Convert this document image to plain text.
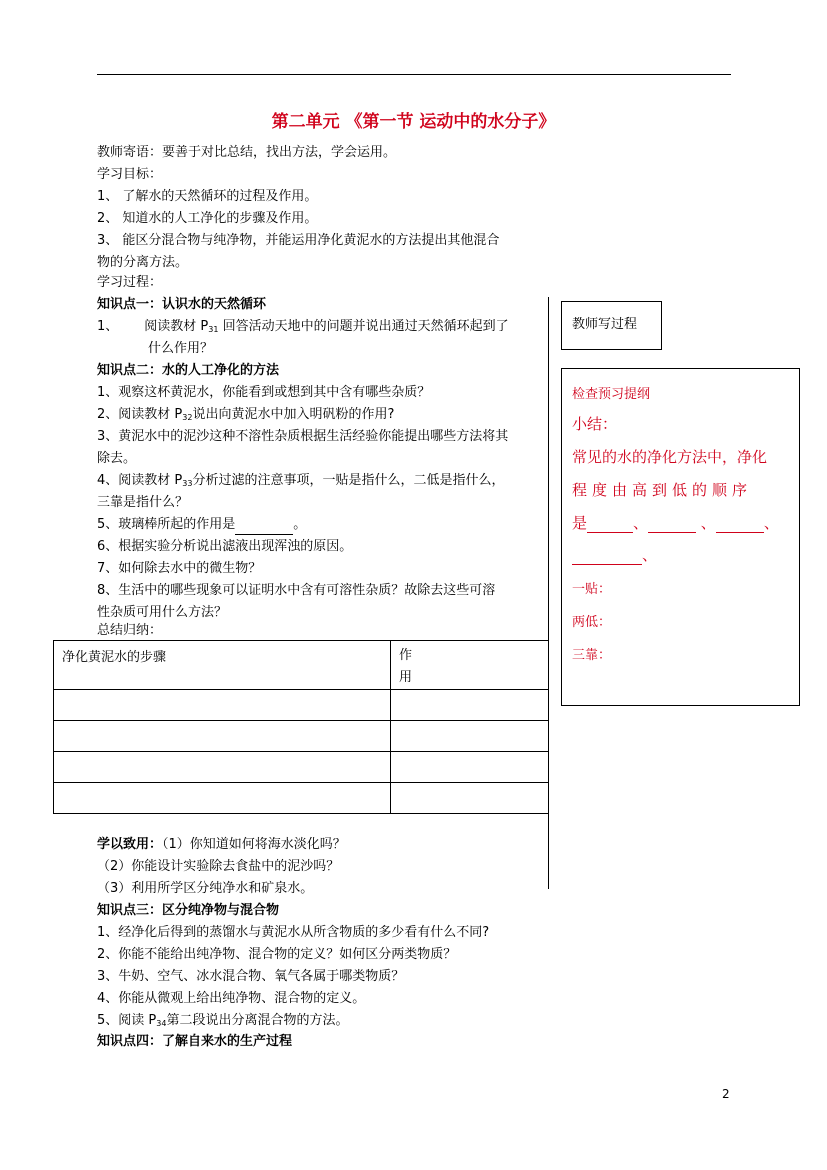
第二单元 《第一节 运动中的水分子》
教师寄语：要善于对比总结，找出方法，学会运用。
学习目标：
1、 了解水的天然循环的过程及作用。
2、 知道水的人工净化的步骤及作用。
3、 能区分混合物与纯净物，并能运用净化黄泥水的方法提出其他混合
物的分离方法。
学习过程：
知识点一：认识水的天然循环
1、 阅读教材 $P_{31}$ 回答活动天地中的问题并说出通过天然循环起到了
什么作用？
知识点二：水的人工净化的方法
1、观察这杯黄泥水，你能看到或想到其中含有哪些杂质？
2、阅读教材 $P_{32}$说出向黄泥水中加入明矾粉的作用?
3、黄泥水中的泥沙这种不溶性杂质根据生活经验你能提出哪些方法将其
除去。
4、阅读教材 $P_{33}$分析过滤的注意事项，一贴是指什么，二低是指什么，
三靠是指什么？
5、玻璃棒所起的作用是	。
6、根据实验分析说出滤液出现浑浊的原因。
7、如何除去水中的微生物？
8、生活中的哪些现象可以证明水中含有可溶性杂质？故除去这些可溶
性杂质可用什么方法？
总结归纳：
净化黄泥水的步骤	作
用

学以致用：（1）你知道如何将海水淡化吗？
（2）你能设计实验除去食盐中的泥沙吗？
（3）利用所学区分纯净水和矿泉水。
知识点三：区分纯净物与混合物
1、经净化后得到的蒸馏水与黄泥水从所含物质的多少看有什么不同?
2、你能不能给出纯净物、混合物的定义？如何区分两类物质？
3、牛奶、空气、冰水混合物、氧气各属于哪类物质？
4、你能从微观上给出纯净物、混合物的定义。
5、阅读 $P_{34}$第二段说出分离混合物的方法。
知识点四：了解自来水的生产过程
教师写过程
检查预习提纲
小结：
常见的水的净化方法中，净化
程度由高到低的顺序
是	、	、	、
、
一贴：
两低：
三靠：
2
